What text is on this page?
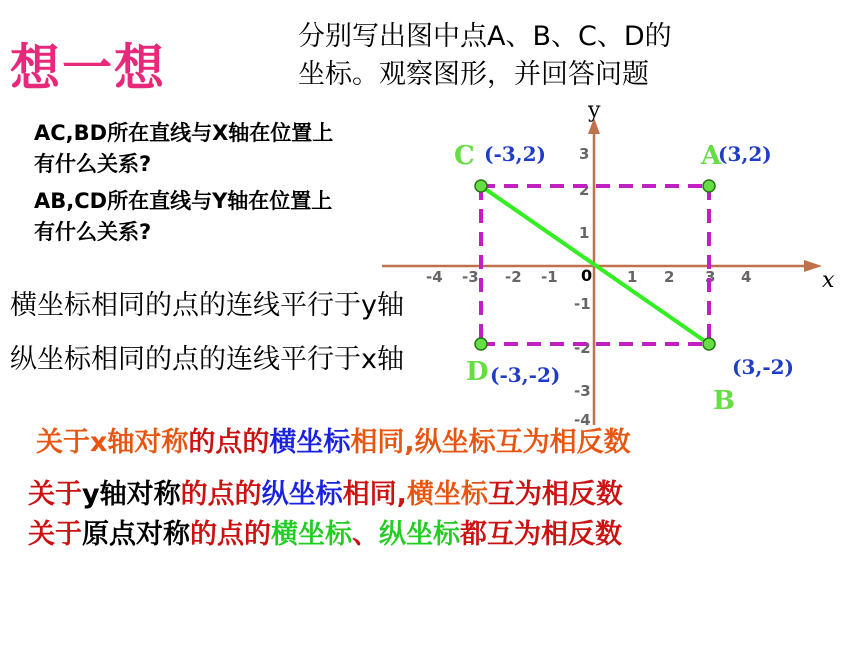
想一想
分别写出图中点A、B、C、D的
坐标。观察图形，并回答问题
AC,BD所在直线与X轴在位置上
有什么关系?
AB,CD所在直线与Y轴在位置上
有什么关系?
x
y
0
-4 -3 -2 -1	1 2 3 4
3
2
1
-1
-2
-3
-4
C	A
D
B
(-3,2)	(3,2)
(-3,-2)	(3,-2)
横坐标相同的点的连线平行于y轴
纵坐标相同的点的连线平行于x轴
关于x轴对称的点的横坐标相同,纵坐标互为相反数
关于y轴对称的点的纵坐标相同,横坐标互为相反数
关于原点对称的点的横坐标、纵坐标都互为相反数
